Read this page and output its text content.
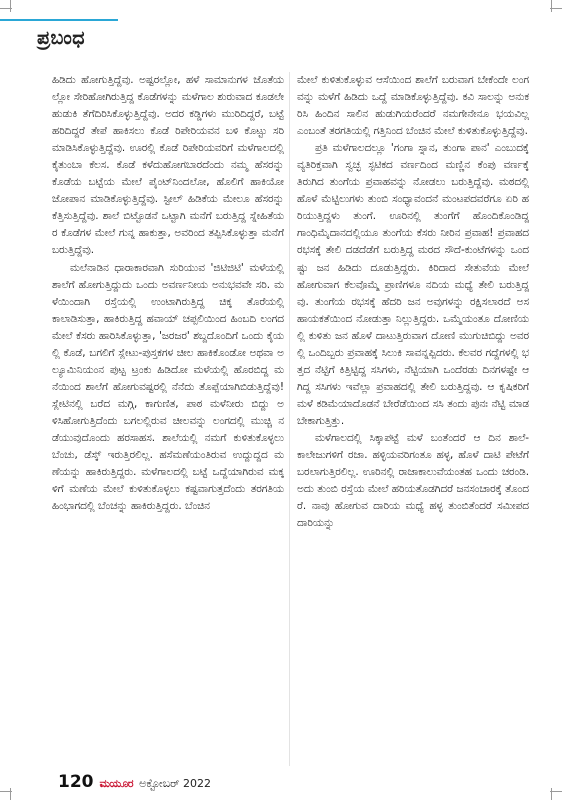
ಪ್ರಬಂಧ

ಹಿಡಿದು ಹೋಗುತ್ತಿದ್ದೆವು. ಅಷ್ಟರಲ್ಲೋ, ಹಳೆ ಸಾಮಾನುಗಳ ಜೊತೆಯಲ್ಲೋ ಸೇರಿಹೋಗಿರುತ್ತಿದ್ದ ಕೊಡೆಗಳನ್ನು ಮಳೆಗಾಲ ಶುರುವಾದ ಕೂಡಲೇ ಹುಡುಕಿ ತೆಗೆದಿರಿಸಿಕೊಳ್ಳುತ್ತಿದ್ದೆವು. ಅದರ ಕಡ್ಡಿಗಳು ಮುರಿದಿದ್ದರೆ, ಬಟ್ಟೆ ಹರಿದಿದ್ದರೆ ತೇಪೆ ಹಾಕಿಸಲು ಕೊಡೆ ರಿಪೇರಿಯವನ ಬಳಿ ಕೊಟ್ಟು ಸರಿ ಮಾಡಿಸಿಕೊಳ್ಳುತ್ತಿದ್ದೆವು. ಊರಲ್ಲಿ ಕೊಡೆ ರಿಪೇರಿಯವರಿಗೆ ಮಳೆಗಾಲದಲ್ಲಿ ಕೈತುಂಬಾ ಕೆಲಸ. ಕೊಡೆ ಕಳೆದುಹೋಗಬಾರದೆಂದು ನಮ್ಮ ಹೆಸರನ್ನು ಕೊಡೆಯ ಬಟ್ಟೆಯ ಮೇಲೆ ಪೈಂಟ್‌ನಿಂದಲೋ, ಹೊಲಿಗೆ ಹಾಕಿಯೋ ಜೋಪಾನ ಮಾಡಿಕೊಳ್ಳುತ್ತಿದ್ದೆವು. ಸ್ಟೀಲ್ ಹಿಡಿಕೆಯ ಮೇಲೂ ಹೆಸರನ್ನು ಕೆತ್ತಿಸುತ್ತಿದ್ದೆವು. ಶಾಲೆ ಬಿಟ್ಟೊಡನೆ ಒಟ್ಟಾಗಿ ಮನೆಗೆ ಬರುತ್ತಿದ್ದ ಸ್ನೇಹಿತೆಯರ ಕೊಡೆಗಳ ಮೇಲೆ ಗುನ್ನ ಹಾಕುತ್ತಾ, ಅವರಿಂದ ತಪ್ಪಿಸಿಕೊಳ್ಳುತ್ತಾ ಮನೆಗೆ ಬರುತ್ತಿದ್ದೆವು.

ಮಲೆನಾಡಿನ ಧಾರಾಕಾರವಾಗಿ ಸುರಿಯುವ 'ಜಿಟಿಜಿಟಿ' ಮಳೆಯಲ್ಲಿ ಶಾಲೆಗೆ ಹೋಗುತ್ತಿದ್ದುದು ಒಂದು ಅವರ್ಣನೀಯ ಅನುಭವವೇ ಸರಿ. ಮಳೆಯಿಂದಾಗಿ ರಸ್ತೆಯಲ್ಲಿ ಉಂಟಾಗಿರುತ್ತಿದ್ದ ಚಿಕ್ಕ ತೊರೆಯಲ್ಲಿ ಕಾಲಾಡಿಸುತ್ತಾ, ಹಾಕಿರುತ್ತಿದ್ದ ಹವಾಯ್ ಚಪ್ಪಲಿಯಿಂದ ಹಿಂಬದಿ ಲಂಗದ ಮೇಲೆ ಕೆಸರು ಹಾರಿಸಿಕೊಳ್ಳುತ್ತಾ, 'ಜರಜರ' ಶಬ್ದದೊಂದಿಗೆ ಒಂದು ಕೈಯಲ್ಲಿ ಕೊಡೆ, ಬಗಲಿಗೆ ಸ್ಲೇಟು-ಪುಸ್ತಕಗಳ ಚೀಲ ಹಾಕಿಕೊಂಡೋ ಅಥವಾ ಅಲ್ಯೂಮಿನಿಯಂನ ಪುಟ್ಟ ಟ್ರಂಕು ಹಿಡಿದೋ ಮಳೆಯಲ್ಲಿ ಹೊರಬಿದ್ದ ಮನೆಯಿಂದ ಶಾಲೆಗೆ ಹೋಗುವಷ್ಟರಲ್ಲಿ ನೆನೆದು ತೊಪ್ಪೆಯಾಗಿಬಿಡುತ್ತಿದ್ದೆವು! ಸ್ಲೇಟಿನಲ್ಲಿ ಬರೆದ ಮಗ್ಗಿ, ಕಾಗುಣಿತ, ಪಾಠ ಮಳೆನೀರು ಬಿದ್ದು ಅಳಿಸಿಹೋಗುತ್ತಿದೆಂದು ಬಗಲಲ್ಲಿರುವ ಚೀಲವನ್ನು ಲಂಗದಲ್ಲಿ ಮುಚ್ಚಿ ನಡೆಯುವುದೊಂದು ಹರಸಾಹಸ. ಶಾಲೆಯಲ್ಲಿ ನಮಗೆ ಕುಳಿತುಕೊಳ್ಳಲು ಬೆಂಚು, ಡೆಸ್ಕ್ ಇರುತ್ತಿರಲಿಲ್ಲ. ಹಸೆಮಣೆಯಂತಿರುವ ಉದ್ದುದ್ದದ ಮಣೆಯನ್ನು ಹಾಕಿರುತ್ತಿದ್ದರು. ಮಳೆಗಾಲದಲ್ಲಿ ಬಟ್ಟೆ ಒದ್ದೆಯಾಗಿರುವ ಮಕ್ಕಳಿಗೆ ಮಣೆಯ ಮೇಲೆ ಕುಳಿತುಕೊಳ್ಳಲು ಕಷ್ಟವಾಗುತ್ತದೆಂದು ತರಗತಿಯ ಹಿಂಭಾಗದಲ್ಲಿ ಬೆಂಚನ್ನು ಹಾಕಿರುತ್ತಿದ್ದರು. ಬೆಂಚಿನ

ಮೇಲೆ ಕುಳಿತುಕೊಳ್ಳುವ ಆಸೆಯಿಂದ ಶಾಲೆಗೆ ಬರುವಾಗ ಬೇಕೆಂದೇ ಲಂಗವನ್ನು ಮಳೆಗೆ ಹಿಡಿದು ಒದ್ದೆ ಮಾಡಿಕೊಳ್ಳುತ್ತಿದ್ದೆವು. ಕವಿ ಸಾಲನ್ನು ಅನುಕರಿಸಿ ಹಿಂದಿನ ಸಾಲಿನ ಹುಡುಗಿಯರೆಂದರೆ ನಮಗೇನೇನೂ ಭಯವಿಲ್ಲ ಎಂಬಂತೆ ತರಗತಿಯಲ್ಲಿ ಗತ್ತಿನಿಂದ ಬೆಂಚಿನ ಮೇಲೆ ಕುಳಿತುಕೊಳ್ಳುತ್ತಿದ್ದೆವು.

ಪ್ರತಿ ಮಳೆಗಾಲದಲ್ಲೂ 'ಗಂಗಾ ಸ್ನಾನ, ತುಂಗಾ ಪಾನ' ಎಂಬುದಕ್ಕೆ ವ್ಯತಿರಿಕ್ತವಾಗಿ ಸ್ವಚ್ಛ ಸ್ಫಟಿಕದ ವರ್ಣದಿಂದ ಮಣ್ಣಿನ ಕೆಂಪು ವರ್ಣಕ್ಕೆ ತಿರುಗಿದ ತುಂಗೆಯ ಪ್ರವಾಹವನ್ನು ನೋಡಲು ಬರುತ್ತಿದ್ದೆವು. ಮಠದಲ್ಲಿ ಹೊಳೆ ಮೆಟ್ಟಿಲುಗಳು ತುಂಬಿ ಸಂಧ್ಯಾವಂದನೆ ಮಂಟಪದವರೆಗೂ ಏರಿ ಹರಿಯುತ್ತಿದ್ದಳು ತುಂಗೆ. ಊರಿನಲ್ಲಿ ತುಂಗೆಗೆ ಹೊಂದಿಕೊಂಡಿದ್ದ ಗಾಂಧಿಮೈದಾನದಲ್ಲಿಯೂ ತುಂಗೆಯ ಕೆಸರು ನೀರಿನ ಪ್ರವಾಹ! ಪ್ರವಾಹದ ರಭಸಕ್ಕೆ ತೇಲಿ ದಡದೆಡೆಗೆ ಬರುತ್ತಿದ್ದ ಮರದ ಸೌದೆ-ಕುಂಟೆಗಳನ್ನು ಒಂದಷ್ಟು ಜನ ಹಿಡಿದು ದೂಡುತ್ತಿದ್ದರು. ಕಿರಿದಾದ ಸೇತುವೆಯ ಮೇಲೆ ಹೋಗುವಾಗ ಕೆಲವೊಮ್ಮೆ ಪ್ರಾಣಿಗಳೂ ನದಿಯ ಮಧ್ಯೆ ತೇಲಿ ಬರುತ್ತಿದ್ದವು. ತುಂಗೆಯ ರಭಸಕ್ಕೆ ಹೆದರಿ ಜನ ಅವುಗಳನ್ನು ರಕ್ಷಿಸಲಾರದೆ ಅಸಹಾಯಕತೆಯಿಂದ ನೋಡುತ್ತಾ ನಿಲ್ಲುತ್ತಿದ್ದರು. ಒಮ್ಮೆಯಂತೂ ದೋಣಿಯಲ್ಲಿ ಕುಳಿತು ಜನ ಹೊಳೆ ದಾಟುತ್ತಿರುವಾಗ ದೋಣಿ ಮುಗುಚಿಬಿದ್ದು ಅವರಲ್ಲಿ ಒಂದಿಬ್ಬರು ಪ್ರವಾಹಕ್ಕೆ ಸಿಲುಕಿ ಸಾವನ್ನಪ್ಪಿದರು. ಕೆಲವರ ಗದ್ದೆಗಳಲ್ಲಿ ಭತ್ತದ ನೆಟ್ಟಿಗೆ ಕಿತ್ತಿಟ್ಟಿದ್ದ ಸಸಿಗಳು, ನೆಟ್ಟಿಯಾಗಿ ಒಂದೆರಡು ದಿನಗಳಷ್ಟೇ ಆಗಿದ್ದ ಸಸಿಗಳು ಇವೆಲ್ಲಾ ಪ್ರವಾಹದಲ್ಲಿ ತೇಲಿ ಬರುತ್ತಿದ್ದವು. ಆ ಕೃಷಿಕರಿಗೆ ಮಳೆ ಕಡಿಮೆಯಾದೊಡನೆ ಬೇರೆಡೆಯಿಂದ ಸಸಿ ತಂದು ಪುನಃ ನೆಟ್ಟಿ ಮಾಡಬೇಕಾಗುತ್ತಿತ್ತು.

ಮಳೆಗಾಲದಲ್ಲಿ ಸಿಕ್ಕಾಪಟ್ಟೆ ಮಳೆ ಬಂತೆಂದರೆ ಆ ದಿನ ಶಾಲೆ-ಕಾಲೇಜುಗಳಿಗೆ ರಜಾ. ಹಳ್ಳಿಯವರಿಗಂತೂ ಹಳ್ಳ, ಹೊಳೆ ದಾಟಿ ಪೇಟೆಗೆ ಬರಲಾಗುತ್ತಿರಲಿಲ್ಲ. ಊರಿನಲ್ಲಿ ರಾಜಾಕಾಲುವೆಯಂತಹ ಒಂದು ಚರಂಡಿ. ಅದು ತುಂಬಿ ರಸ್ತೆಯ ಮೇಲೆ ಹರಿಯತೊಡಗಿದರೆ ಜನಸಂಚಾರಕ್ಕೆ ತೊಂದರೆ. ನಾವು ಹೋಗುವ ದಾರಿಯ ಮಧ್ಯೆ ಹಳ್ಳ ತುಂಬಿತೆಂದರೆ ಸಮೀಪದ ದಾರಿಯನ್ನು

120 ಮಯೂರ ಅಕ್ಟೋಬರ್ 2022
